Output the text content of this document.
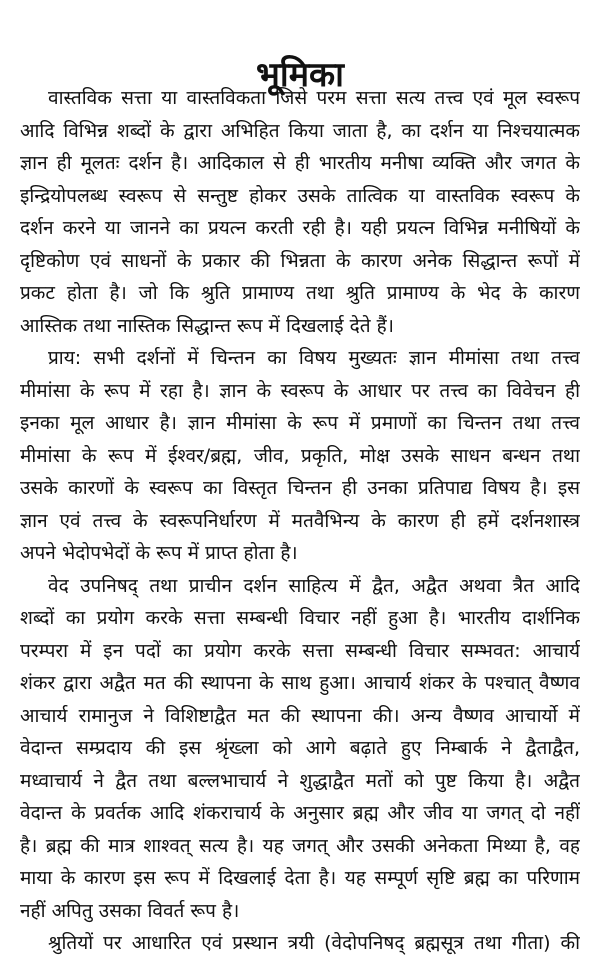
भूमिका
वास्तविक सत्ता या वास्तविकता जिसे परम सत्ता सत्य तत्त्व एवं मूल स्वरूप
आदि विभिन्न शब्दों के द्वारा अभिहित किया जाता है, का दर्शन या निश्चयात्मक
ज्ञान ही मूलतः दर्शन है। आदिकाल से ही भारतीय मनीषा व्यक्ति और जगत के
इन्द्रियोपलब्ध स्वरूप से सन्तुष्ट होकर उसके तात्विक या वास्तविक स्वरूप के
दर्शन करने या जानने का प्रयत्न करती रही है। यही प्रयत्न विभिन्न मनीषियों के
दृष्टिकोण एवं साधनों के प्रकार की भिन्नता के कारण अनेक सिद्धान्त रूपों में
प्रकट होता है। जो कि श्रुति प्रामाण्य तथा श्रुति प्रामाण्य के भेद के कारण
आस्तिक तथा नास्तिक सिद्धान्त रूप में दिखलाई देते हैं।
प्राय: सभी दर्शनों में चिन्तन का विषय मुख्यतः ज्ञान मीमांसा तथा तत्त्व
मीमांसा के रूप में रहा है। ज्ञान के स्वरूप के आधार पर तत्त्व का विवेचन ही
इनका मूल आधार है। ज्ञान मीमांसा के रूप में प्रमाणों का चिन्तन तथा तत्त्व
मीमांसा के रूप में ईश्वर/ब्रह्म, जीव, प्रकृति, मोक्ष उसके साधन बन्धन तथा
उसके कारणों के स्वरूप का विस्तृत चिन्तन ही उनका प्रतिपाद्य विषय है। इस
ज्ञान एवं तत्त्व के स्वरूपनिर्धारण में मतवैभिन्य के कारण ही हमें दर्शनशास्त्र
अपने भेदोपभेदों के रूप में प्राप्त होता है।
वेद उपनिषद् तथा प्राचीन दर्शन साहित्य में द्वैत, अद्वैत अथवा त्रैत आदि
शब्दों का प्रयोग करके सत्ता सम्बन्धी विचार नहीं हुआ है। भारतीय दार्शनिक
परम्परा में इन पदों का प्रयोग करके सत्ता सम्बन्धी विचार सम्भवत: आचार्य
शंकर द्वारा अद्वैत मत की स्थापना के साथ हुआ। आचार्य शंकर के पश्चात् वैष्णव
आचार्य रामानुज ने विशिष्टाद्वैत मत की स्थापना की। अन्य वैष्णव आचार्यो में
वेदान्त सम्प्रदाय की इस श्रृंख्ला को आगे बढ़ाते हुए निम्बार्क ने द्वैताद्वैत,
मध्वाचार्य ने द्वैत तथा बल्लभाचार्य ने शुद्धाद्वैत मतों को पुष्ट किया है। अद्वैत
वेदान्त के प्रवर्तक आदि शंकराचार्य के अनुसार ब्रह्म और जीव या जगत् दो नहीं
है। ब्रह्म की मात्र शाश्वत् सत्य है। यह जगत् और उसकी अनेकता मिथ्या है, वह
माया के कारण इस रूप में दिखलाई देता है। यह सम्पूर्ण सृष्टि ब्रह्म का परिणाम
नहीं अपितु उसका विवर्त रूप है।
श्रुतियों पर आधारित एवं प्रस्थान त्रयी (वेदोपनिषद् ब्रह्मसूत्र तथा गीता) की
